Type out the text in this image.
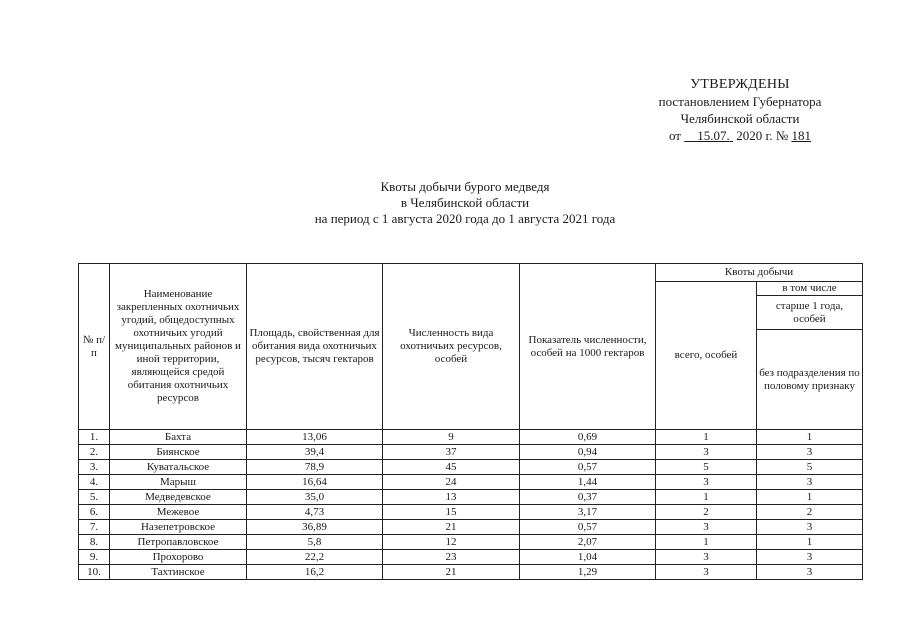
УТВЕРЖДЕНЫ
постановлением Губернатора
Челябинской области
от 15.07. 2020 г. № 181
Квоты добычи бурого медведя
в Челябинской области
на период с 1 августа 2020 года до 1 августа 2021 года
№ п/п	Наименование закрепленных охотничьих угодий, общедоступных охотничьих угодий муниципальных районов и иной территории, являющейся средой обитания охотничьих ресурсов	Площадь, свойственная для обитания вида охотничьих ресурсов, тысяч гектаров	Численность вида охотничьих ресурсов, особей	Показатель численности, особей на 1000 гектаров	Квоты добычи	
					всего, особей	в том числе
						старше 1 года, особей
						без подразделения по половому признаку
1.	Бахта	13,06	9	0,69	1	1
2.	Биянское	39,4	37	0,94	3	3
3.	Куватальское	78,9	45	0,57	5	5
4.	Марыш	16,64	24	1,44	3	3
5.	Медведевское	35,0	13	0,37	1	1
6.	Межевое	4,73	15	3,17	2	2
7.	Назепетровское	36,89	21	0,57	3	3
8.	Петропавловское	5,8	12	2,07	1	1
9.	Прохорово	22,2	23	1,04	3	3
10.	Тахтинское	16,2	21	1,29	3	3
